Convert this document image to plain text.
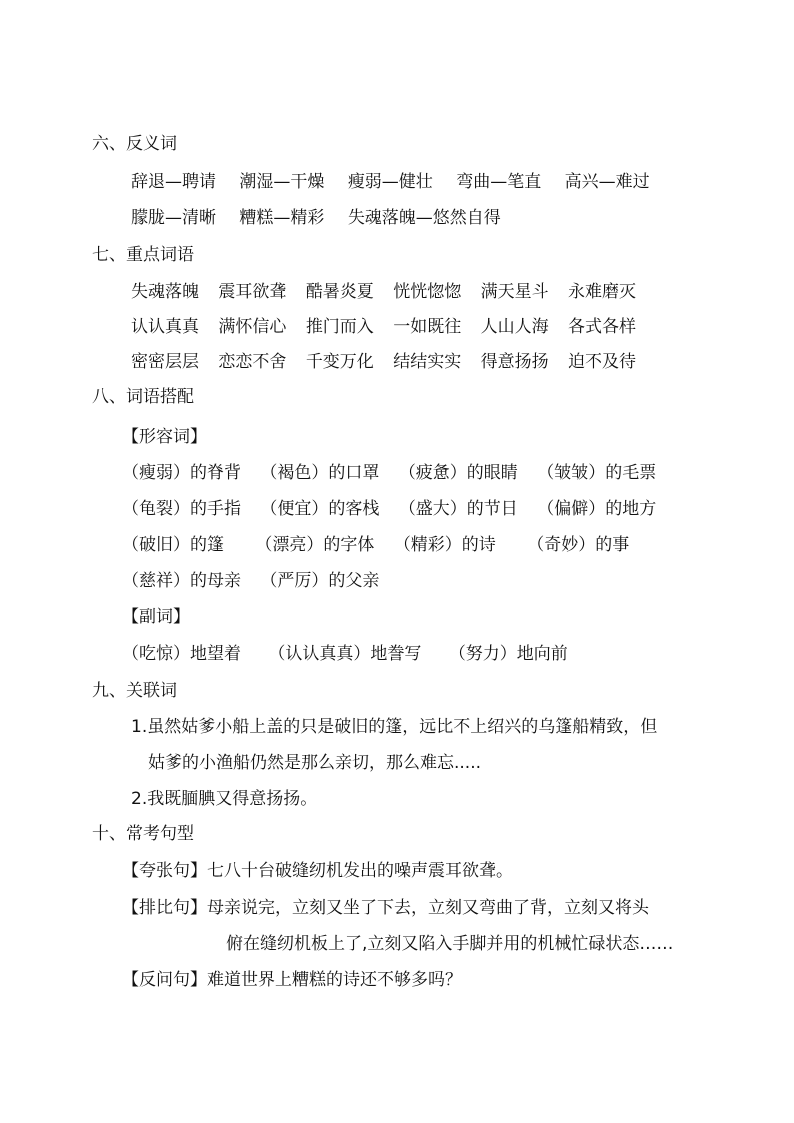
六、反义词
辞退—聘请 潮湿—干燥 瘦弱—健壮 弯曲—笔直 高兴—难过
朦胧—清晰 糟糕—精彩 失魂落魄—悠然自得
七、重点词语
失魂落魄 震耳欲聋 酷暑炎夏 恍恍惚惚 满天星斗 永难磨灭
认认真真 满怀信心 推门而入 一如既往 人山人海 各式各样
密密层层 恋恋不舍 千变万化 结结实实 得意扬扬 迫不及待
八、词语搭配
【形容词】
（瘦弱）的脊背 （褐色）的口罩 （疲惫）的眼睛 （皱皱）的毛票
（龟裂）的手指 （便宜）的客栈 （盛大）的节日 （偏僻）的地方
（破旧）的篷 （漂亮）的字体 （精彩）的诗 （奇妙）的事
（慈祥）的母亲 （严厉）的父亲
【副词】
（吃惊）地望着 （认认真真）地誊写 （努力）地向前
九、关联词
1.虽然姑爹小船上盖的只是破旧的篷，远比不上绍兴的乌篷船精致，但
姑爹的小渔船仍然是那么亲切，那么难忘.....
2.我既腼腆又得意扬扬。
十、常考句型
【夸张句】七八十台破缝纫机发出的噪声震耳欲聋。
【排比句】母亲说完，立刻又坐了下去，立刻又弯曲了背，立刻又将头
俯在缝纫机板上了,立刻又陷入手脚并用的机械忙碌状态……
【反问句】难道世界上糟糕的诗还不够多吗？
